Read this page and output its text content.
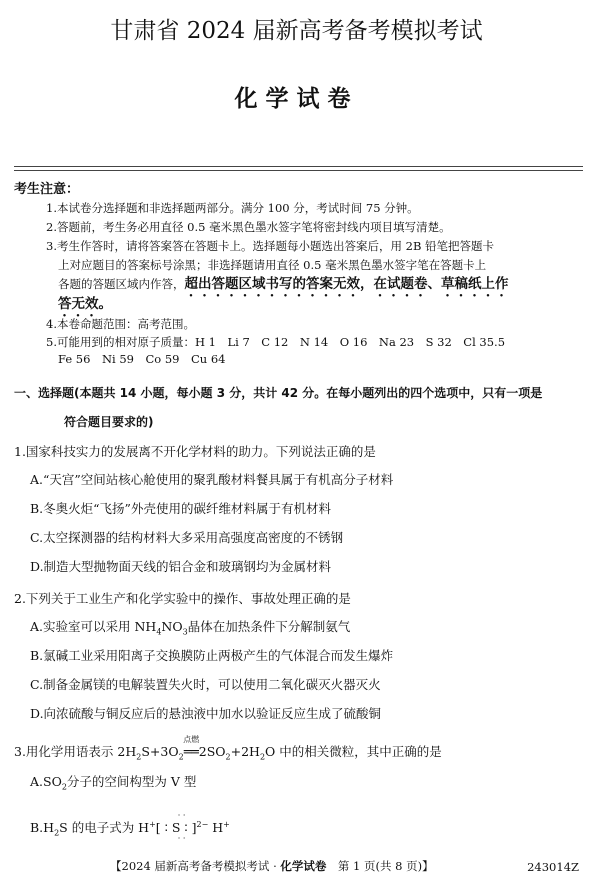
甘肃省 2024 届新高考备考模拟考试
化学试卷
考生注意：
1.本试卷分选择题和非选择题两部分。满分 100 分，考试时间 75 分钟。
2.答题前，考生务必用直径 0.5 毫米黑色墨水签字笔将密封线内项目填写清楚。
3.考生作答时，请将答案答在答题卡上。选择题每小题选出答案后，用 2B 铅笔把答题卡
上对应题目的答案标号涂黑；非选择题请用直径 0.5 毫米黑色墨水签字笔在答题卡上
各题的答题区域内作答，超出答题区域书写的答案无效，在试题卷、草稿纸上作
答无效。
4.本卷命题范围：高考范围。
5.可能用到的相对原子质量：H 1　Li 7　C 12　N 14　O 16　Na 23　S 32　Cl 35.5
Fe 56　Ni 59　Co 59　Cu 64
一、选择题(本题共 14 小题，每小题 3 分，共计 42 分。在每小题列出的四个选项中，只有一项是
符合题目要求的)
1.国家科技实力的发展离不开化学材料的助力。下列说法正确的是
A.“天宫”空间站核心舱使用的聚乳酸材料餐具属于有机高分子材料
B.冬奥火炬“飞扬”外壳使用的碳纤维材料属于有机材料
C.太空探测器的结构材料大多采用高强度高密度的不锈钢
D.制造大型抛物面天线的铝合金和玻璃钢均为金属材料
2.下列关于工业生产和化学实验中的操作、事故处理正确的是
A.实验室可以采用 $NH_4NO_3$晶体在加热条件下分解制氨气
B.氯碱工业采用阳离子交换膜防止两极产生的气体混合而发生爆炸
C.制备金属镁的电解装置失火时，可以使用二氧化碳灭火器灭火
D.向浓硫酸与铜反应后的悬浊液中加水以验证反应生成了硫酸铜
3.用化学用语表示 $2H_2S+3O_2$
点燃
$══2SO_2+2H_2O$ 中的相关微粒，其中正确的是
$A.SO_2$分子的空间构型为 V 型
$B.H_2S$ 的电子式为 H+
· ·
[ ∶ S ∶ ]
· ·
$^{2-}$ H+
【2024 届新高考备考模拟考试 · 化学试卷　第 1 页(共 8 页)】	243014Z
